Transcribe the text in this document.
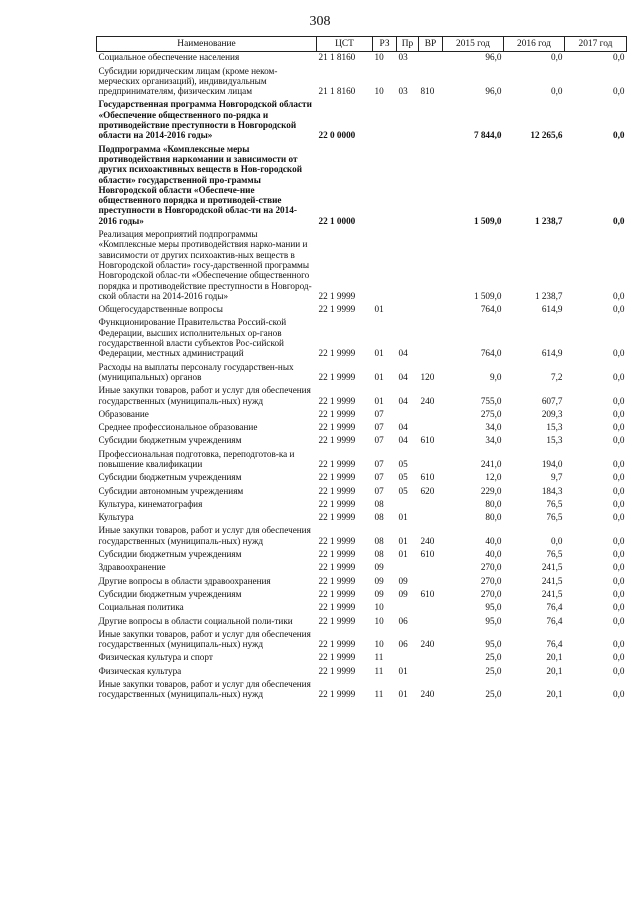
308
Наименование	ЦСТ	РЗ	Пр	ВР	2015 год	2016 год	2017 год
Социальное обеспечение населения	21 1 8160	10	03		96,0	0,0	0,0
Субсидии юридическим лицам (кроме неком-мерческих организаций), индивидуальным предпринимателям, физическим лицам	21 1 8160	10	03	810	96,0	0,0	0,0
Государственная программа Новгородской области «Обеспечение общественного по-рядка и противодействие преступности в Новгородской области на 2014-2016 годы»	22 0 0000				7 844,0	12 265,6	0,0
Подпрограмма «Комплексные меры противодействия наркомании и зависимости от других психоактивных веществ в Нов-городской области» государственной про-граммы Новгородской области «Обеспече-ние общественного порядка и противодей-ствие преступности в Новгородской облас-ти на 2014-2016 годы»	22 1 0000				1 509,0	1 238,7	0,0
Реализация мероприятий подпрограммы «Комплексные меры противодействия нарко-мании и зависимости от других психоактив-ных веществ в Новгородской области» госу-дарственной программы Новгородской облас-ти «Обеспечение общественного порядка и противодействие преступности в Новгород-ской области на 2014-2016 годы»	22 1 9999				1 509,0	1 238,7	0,0
Общегосударственные вопросы	22 1 9999	01			764,0	614,9	0,0
Функционирование Правительства Россий-ской Федерации, высших исполнительных ор-ганов государственной власти субъектов Рос-сийской Федерации, местных администраций	22 1 9999	01	04		764,0	614,9	0,0
Расходы на выплаты персоналу государствен-ных (муниципальных) органов	22 1 9999	01	04	120	9,0	7,2	0,0
Иные закупки товаров, работ и услуг для обеспечения государственных (муниципаль-ных) нужд	22 1 9999	01	04	240	755,0	607,7	0,0
Образование	22 1 9999	07			275,0	209,3	0,0
Среднее профессиональное образование	22 1 9999	07	04		34,0	15,3	0,0
Субсидии бюджетным учреждениям	22 1 9999	07	04	610	34,0	15,3	0,0
Профессиональная подготовка, переподготов-ка и повышение квалификации	22 1 9999	07	05		241,0	194,0	0,0
Субсидии бюджетным учреждениям	22 1 9999	07	05	610	12,0	9,7	0,0
Субсидии автономным учреждениям	22 1 9999	07	05	620	229,0	184,3	0,0
Культура, кинематография	22 1 9999	08			80,0	76,5	0,0
Культура	22 1 9999	08	01		80,0	76,5	0,0
Иные закупки товаров, работ и услуг для обеспечения государственных (муниципаль-ных) нужд	22 1 9999	08	01	240	40,0	0,0	0,0
Субсидии бюджетным учреждениям	22 1 9999	08	01	610	40,0	76,5	0,0
Здравоохранение	22 1 9999	09			270,0	241,5	0,0
Другие вопросы в области здравоохранения	22 1 9999	09	09		270,0	241,5	0,0
Субсидии бюджетным учреждениям	22 1 9999	09	09	610	270,0	241,5	0,0
Социальная политика	22 1 9999	10			95,0	76,4	0,0
Другие вопросы в области социальной поли-тики	22 1 9999	10	06		95,0	76,4	0,0
Иные закупки товаров, работ и услуг для обеспечения государственных (муниципаль-ных) нужд	22 1 9999	10	06	240	95,0	76,4	0,0
Физическая культура и спорт	22 1 9999	11			25,0	20,1	0,0
Физическая культура	22 1 9999	11	01		25,0	20,1	0,0
Иные закупки товаров, работ и услуг для обеспечения государственных (муниципаль-ных) нужд	22 1 9999	11	01	240	25,0	20,1	0,0
